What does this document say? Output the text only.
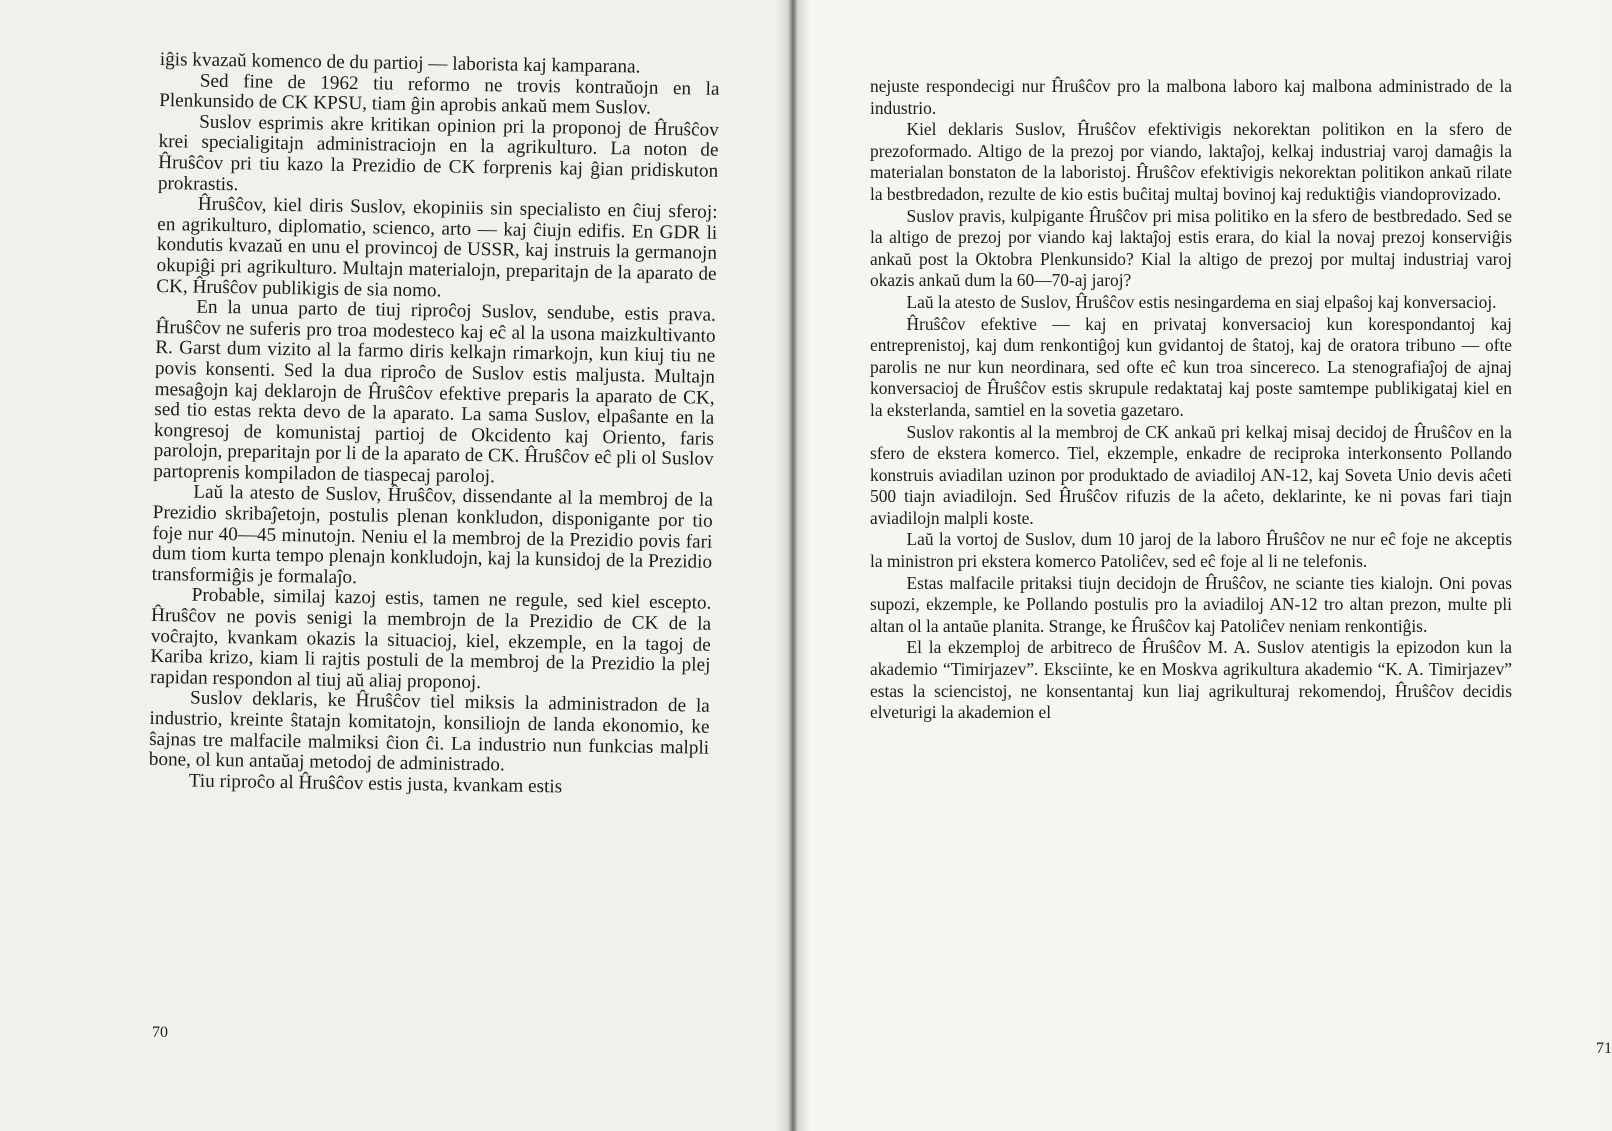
iĝis kvazaŭ komenco de du partioj — laborista kaj kamparana.

Sed fine de 1962 tiu reformo ne trovis kontraŭojn en la Plenkunsido de CK KPSU, tiam ĝin aprobis ankaŭ mem Suslov.

Suslov esprimis akre kritikan opinion pri la proponoj de Ĥruŝĉov krei specialigitajn administraciojn en la agrikulturo. La noton de Ĥruŝĉov pri tiu kazo la Prezidio de CK forprenis kaj ĝian pridiskuton prokrastis.

Ĥruŝĉov, kiel diris Suslov, ekopiniis sin specialisto en ĉiuj sferoj: en agrikulturo, diplomatio, scienco, arto — kaj ĉiujn edifis. En GDR li kondutis kvazaŭ en unu el provincoj de USSR, kaj instruis la germanojn okupiĝi pri agrikulturo. Multajn materialojn, preparitajn de la aparato de CK, Ĥruŝĉov publikigis de sia nomo.

En la unua parto de tiuj riproĉoj Suslov, sendube, estis prava. Ĥruŝĉov ne suferis pro troa modesteco kaj eĉ al la usona maizkultivanto R. Garst dum vizito al la farmo diris kelkajn rimarkojn, kun kiuj tiu ne povis konsenti. Sed la dua riproĉo de Suslov estis maljusta. Multajn mesaĝojn kaj deklarojn de Ĥruŝĉov efektive preparis la aparato de CK, sed tio estas rekta devo de la aparato. La sama Suslov, elpaŝante en la kongresoj de komunistaj partioj de Okcidento kaj Oriento, faris parolojn, preparitajn por li de la aparato de CK. Ĥruŝĉov eĉ pli ol Suslov partoprenis kompiladon de tiaspecaj paroloj.

Laŭ la atesto de Suslov, Ĥruŝĉov, dissendante al la membroj de la Prezidio skribaĵetojn, postulis plenan konkludon, disponigante por tio foje nur 40—45 minutojn. Neniu el la membroj de la Prezidio povis fari dum tiom kurta tempo plenajn konkludojn, kaj la kunsidoj de la Prezidio transformiĝis je formalaĵo.

Probable, similaj kazoj estis, tamen ne regule, sed kiel escepto. Ĥruŝĉov ne povis senigi la membrojn de la Prezidio de CK de la voĉrajto, kvankam okazis la situacioj, kiel, ekzemple, en la tagoj de Kariba krizo, kiam li rajtis postuli de la membroj de la Prezidio la plej rapidan respondon al tiuj aŭ aliaj proponoj.

Suslov deklaris, ke Ĥruŝĉov tiel miksis la administradon de la industrio, kreinte ŝtatajn komitatojn, konsiliojn de landa ekonomio, ke ŝajnas tre malfacile malmiksi ĉion ĉi. La industrio nun funkcias malpli bone, ol kun antaŭaj metodoj de administrado.

Tiu riproĉo al Ĥruŝĉov estis justa, kvankam estis

70

nejuste respondecigi nur Ĥruŝĉov pro la malbona laboro kaj malbona administrado de la industrio.

Kiel deklaris Suslov, Ĥruŝĉov efektivigis nekorektan politikon en la sfero de prezoformado. Altigo de la prezoj por viando, laktaĵoj, kelkaj industriaj varoj damaĝis la materialan bonstaton de la laboristoj. Ĥruŝĉov efektivigis nekorektan politikon ankaŭ rilate la bestbredadon, rezulte de kio estis buĉitaj multaj bovinoj kaj reduktiĝis viandoprovizado.

Suslov pravis, kulpigante Ĥruŝĉov pri misa politiko en la sfero de bestbredado. Sed se la altigo de prezoj por viando kaj laktaĵoj estis erara, do kial la novaj prezoj konserviĝis ankaŭ post la Oktobra Plenkunsido? Kial la altigo de prezoj por multaj industriaj varoj okazis ankaŭ dum la 60—70-aj jaroj?

Laŭ la atesto de Suslov, Ĥruŝĉov estis nesingardema en siaj elpaŝoj kaj konversacioj.

Ĥruŝĉov efektive — kaj en privataj konversacioj kun korespondantoj kaj entreprenistoj, kaj dum renkontiĝoj kun gvidantoj de ŝtatoj, kaj de oratora tribuno — ofte parolis ne nur kun neordinara, sed ofte eĉ kun troa sincereco. La stenografiaĵoj de ajnaj konversacioj de Ĥruŝĉov estis skrupule redaktataj kaj poste samtempe publikigataj kiel en la eksterlanda, samtiel en la sovetia gazetaro.

Suslov rakontis al la membroj de CK ankaŭ pri kelkaj misaj decidoj de Ĥruŝĉov en la sfero de ekstera komerco. Tiel, ekzemple, enkadre de reciproka interkonsento Pollando konstruis aviadilan uzinon por produktado de aviadiloj AN-12, kaj Soveta Unio devis aĉeti 500 tiajn aviadilojn. Sed Ĥruŝĉov rifuzis de la aĉeto, deklarinte, ke ni povas fari tiajn aviadilojn malpli koste.

Laŭ la vortoj de Suslov, dum 10 jaroj de la laboro Ĥruŝĉov ne nur eĉ foje ne akceptis la ministron pri ekstera komerco Patoliĉev, sed eĉ foje al li ne telefonis.

Estas malfacile pritaksi tiujn decidojn de Ĥruŝĉov, ne sciante ties kialojn. Oni povas supozi, ekzemple, ke Pollando postulis pro la aviadiloj AN-12 tro altan prezon, multe pli altan ol la antaŭe planita. Strange, ke Ĥruŝĉov kaj Patoliĉev neniam renkontiĝis.

El la ekzemploj de arbitreco de Ĥruŝĉov M. A. Suslov atentigis la epizodon kun la akademio “Timirjazev”. Eksciinte, ke en Moskva agrikultura akademio “K. A. Timirjazev” estas la sciencistoj, ne konsentantaj kun liaj agrikulturaj rekomendoj, Ĥruŝĉov decidis elveturigi la akademion el

71
